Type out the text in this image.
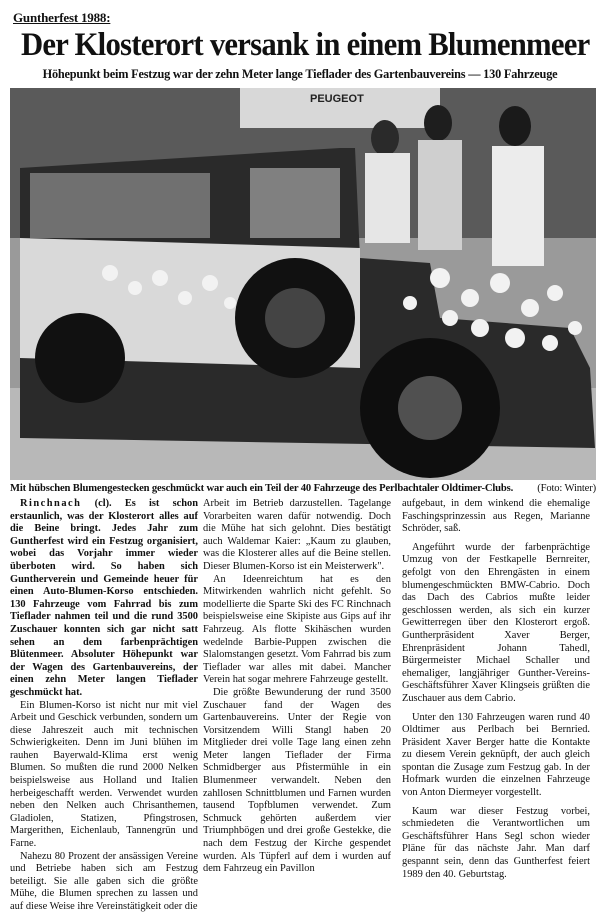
Guntherfest 1988:
Der Klosterort versank in einem Blumenmeer
Höhepunkt beim Festzug war der zehn Meter lange Tieflader des Gartenbauvereins — 130 Fahrzeuge
PEUGEOT
Mit hübschen Blumengestecken geschmückt war auch ein Teil der 40 Fahrzeuge des Perlbachtaler Oldtimer-Clubs. (Foto: Winter)

Rinchnach (cl). Es ist schon erstaunlich, was der Klosterort alles auf die Beine bringt. Jedes Jahr zum Guntherfest wird ein Festzug organisiert, wobei das Vorjahr immer wieder überboten wird. So haben sich Guntherverein und Gemeinde heuer für einen Auto-Blumen-Korso entschieden. 130 Fahrzeuge vom Fahrrad bis zum Tieflader nahmen teil und die rund 3500 Zuschauer konnten sich gar nicht satt sehen an dem farbenprächtigen Blütenmeer. Absoluter Höhepunkt war der Wagen des Gartenbauvereins, der einen zehn Meter langen Tieflader geschmückt hat.

Ein Blumen-Korso ist nicht nur mit viel Arbeit und Geschick verbunden, sondern um diese Jahreszeit auch mit technischen Schwierigkeiten. Denn im Juni blühen im rauhen Bayerwald-Klima erst wenig Blumen. So mußten die rund 2000 Nelken beispielsweise aus Holland und Italien herbeigeschafft werden. Verwendet wurden neben den Nelken auch Chrisanthemen, Gladiolen, Statizen, Pfingstrosen, Margerithen, Eichenlaub, Tannengrün und Farne.

Nahezu 80 Prozent der ansässigen Vereine und Betriebe haben sich am Festzug beteiligt. Sie alle gaben sich die größte Mühe, die Blumen sprechen zu lassen und auf diese Weise ihre Vereinstätigkeit oder die

Arbeit im Betrieb darzustellen. Tagelange Vorarbeiten waren dafür notwendig. Doch die Mühe hat sich gelohnt. Dies bestätigt auch Waldemar Kaier: „Kaum zu glauben, was die Klosterer alles auf die Beine stellen. Dieser Blumen-Korso ist ein Meisterwerk".

An Ideenreichtum hat es den Mitwirkenden wahrlich nicht gefehlt. So modellierte die Sparte Ski des FC Rinchnach beispielsweise eine Skipiste aus Gips auf ihr Fahrzeug. Als flotte Skihäschen wurden wedelnde Barbie-Puppen zwischen die Slalomstangen gesetzt. Vom Fahrrad bis zum Tieflader war alles mit dabei. Mancher Verein hat sogar mehrere Fahrzeuge gestellt.

Die größte Bewunderung der rund 3500 Zuschauer fand der Wagen des Gartenbauvereins. Unter der Regie von Vorsitzendem Willi Stangl haben 20 Mitglieder drei volle Tage lang einen zehn Meter langen Tieflader der Firma Schmidberger aus Pfistermühle in ein Blumenmeer verwandelt. Neben den zahllosen Schnittblumen und Farnen wurden tausend Topfblumen verwendet. Zum Schmuck gehörten außerdem vier Triumphbögen und drei große Gestekke, die nach dem Festzug der Kirche gespendet wurden. Als Tüpferl auf dem i wurden auf dem Fahrzeug ein Pavillon

aufgebaut, in dem winkend die ehemalige Faschingsprinzessin aus Regen, Marianne Schröder, saß.

Angeführt wurde der farbenprächtige Umzug von der Festkapelle Bernreiter, gefolgt von den Ehrengästen in einem blumengeschmückten BMW-Cabrio. Doch das Dach des Cabrios mußte leider geschlossen werden, als sich ein kurzer Gewitterregen über den Klosterort ergoß. Guntherpräsident Xaver Berger, Ehrenpräsident Johann Tahedl, Bürgermeister Michael Schaller und ehemaliger, langjähriger Gunther-Vereins-Geschäftsführer Xaver Klingseis grüßten die Zuschauer aus dem Cabrio.

Unter den 130 Fahrzeugen waren rund 40 Oldtimer aus Perlbach bei Bernried. Präsident Xaver Berger hatte die Kontakte zu diesem Verein geknüpft, der auch gleich spontan die Zusage zum Festzug gab. In der Hofmark wurden die einzelnen Fahrzeuge von Anton Diermeyer vorgestellt.

Kaum war dieser Festzug vorbei, schmiedeten die Verantwortlichen um Geschäftsführer Hans Segl schon wieder Pläne für das nächste Jahr. Man darf gespannt sein, denn das Guntherfest feiert 1989 den 40. Geburtstag.
